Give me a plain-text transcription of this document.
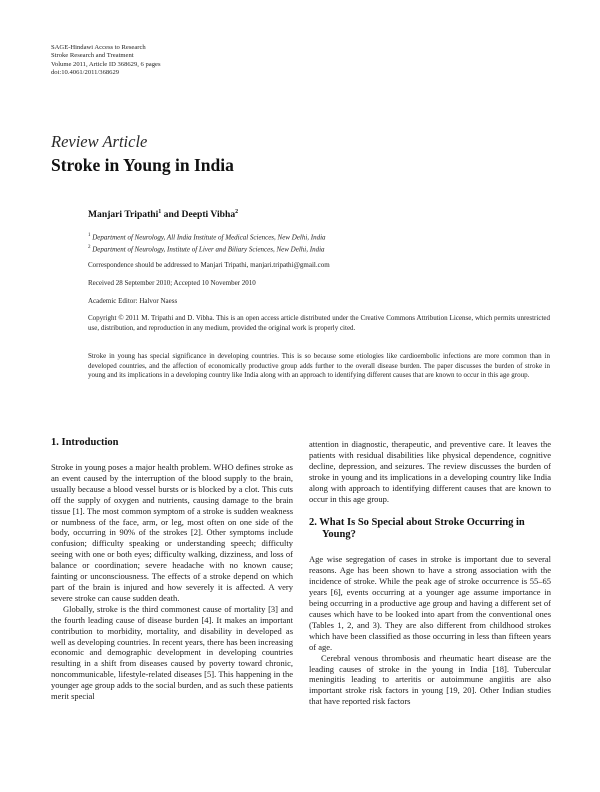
SAGE-Hindawi Access to Research
Stroke Research and Treatment
Volume 2011, Article ID 368629, 6 pages
doi:10.4061/2011/368629
Review Article
Stroke in Young in India
Manjari Tripathi$^1$ and Deepti Vibha$^2$
$^1$ Department of Neurology, All India Institute of Medical Sciences, New Delhi, India
$^2$ Department of Neurology, Institute of Liver and Biliary Sciences, New Delhi, India
Correspondence should be addressed to Manjari Tripathi, manjari.tripathi@gmail.com
Received 28 September 2010; Accepted 10 November 2010
Academic Editor: Halvor Naess
Copyright © 2011 M. Tripathi and D. Vibha. This is an open access article distributed under the Creative Commons Attribution License, which permits unrestricted use, distribution, and reproduction in any medium, provided the original work is properly cited.
Stroke in young has special significance in developing countries. This is so because some etiologies like cardioembolic infections are more common than in developed countries, and the affection of economically productive group adds further to the overall disease burden. The paper discusses the burden of stroke in young and its implications in a developing country like India along with an approach to identifying different causes that are known to occur in this age group.
1. Introduction

Stroke in young poses a major health problem. WHO defines stroke as an event caused by the interruption of the blood supply to the brain, usually because a blood vessel bursts or is blocked by a clot. This cuts off the supply of oxygen and nutrients, causing damage to the brain tissue [1]. The most common symptom of a stroke is sudden weakness or numbness of the face, arm, or leg, most often on one side of the body, occurring in 90% of the strokes [2]. Other symptoms include confusion; difficulty speaking or understanding speech; difficulty seeing with one or both eyes; difficulty walking, dizziness, and loss of balance or coordination; severe headache with no known cause; fainting or unconsciousness. The effects of a stroke depend on which part of the brain is injured and how severely it is affected. A very severe stroke can cause sudden death.

Globally, stroke is the third commonest cause of mortality [3] and the fourth leading cause of disease burden [4]. It makes an important contribution to morbidity, mortality, and disability in developed as well as developing countries. In recent years, there has been increasing economic and demographic development in developing countries resulting in a shift from diseases caused by poverty toward chronic, noncommunicable, lifestyle-related diseases [5]. This happening in the younger age group adds to the social burden, and as such these patients merit special

attention in diagnostic, therapeutic, and preventive care. It leaves the patients with residual disabilities like physical dependence, cognitive decline, depression, and seizures. The review discusses the burden of stroke in young and its implications in a developing country like India along with approach to identifying different causes that are known to occur in this age group.

2. What Is So Special about Stroke Occurring in Young?

Age wise segregation of cases in stroke is important due to several reasons. Age has been shown to have a strong association with the incidence of stroke. While the peak age of stroke occurrence is 55–65 years [6], events occurring at a younger age assume importance in being occurring in a productive age group and having a different set of causes which have to be looked into apart from the conventional ones (Tables 1, 2, and 3). They are also different from childhood strokes which have been classified as those occurring in less than fifteen years of age.

Cerebral venous thrombosis and rheumatic heart disease are the leading causes of stroke in the young in India [18]. Tubercular meningitis leading to arteritis or autoimmune angiitis are also important stroke risk factors in young [19, 20]. Other Indian studies that have reported risk factors
